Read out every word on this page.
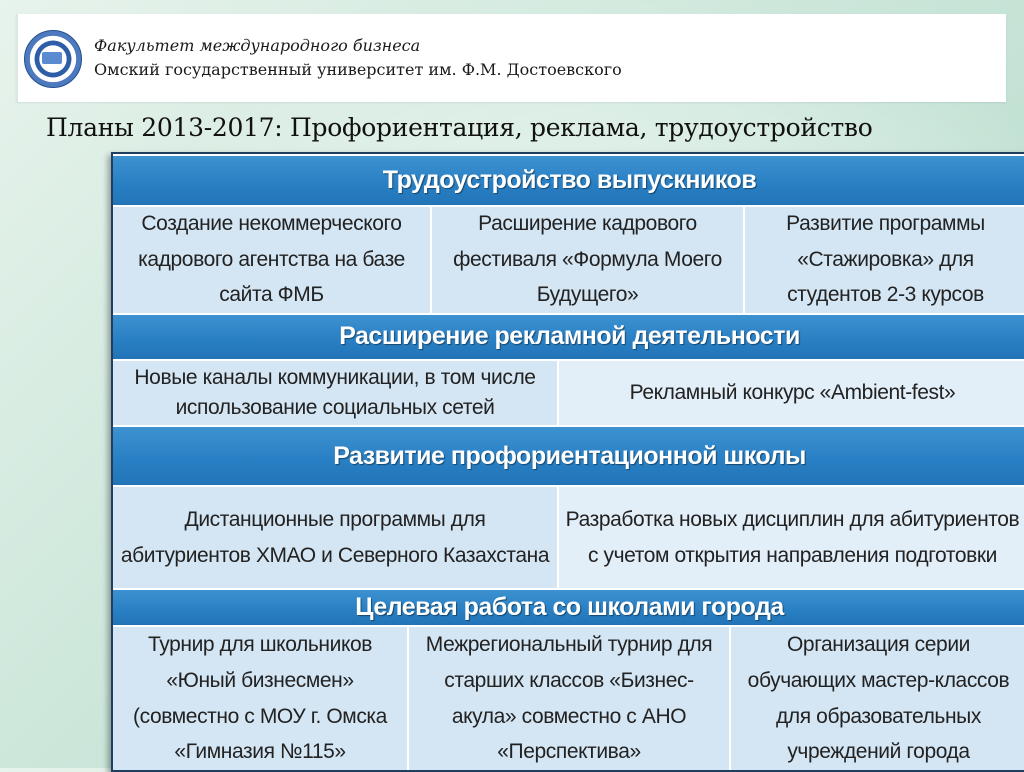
Факультет международного бизнеса
Омский государственный университет им. Ф.М. Достоевского
Планы 2013-2017: Профориентация, реклама, трудоустройство
Трудоустройство выпускников
Создание некоммерческого кадрового агентства на базе сайта ФМБ
Расширение кадрового фестиваля «Формула Моего Будущего»
Развитие программы «Стажировка» для студентов 2-3 курсов
Расширение рекламной деятельности
Новые каналы коммуникации, в том числе использование социальных сетей
Рекламный конкурс «Ambient-fest»
Развитие профориентационной школы
Дистанционные программы для абитуриентов ХМАО и Северного Казахстана
Разработка новых дисциплин для абитуриентов с учетом открытия направления подготовки
Целевая работа со школами города
Турнир для школьников «Юный бизнесмен» (совместно с МОУ г. Омска «Гимназия №115»
Межрегиональный турнир для старших классов «Бизнес-акула» совместно с АНО «Перспектива»
Организация серии обучающих мастер-классов для образовательных учреждений города
